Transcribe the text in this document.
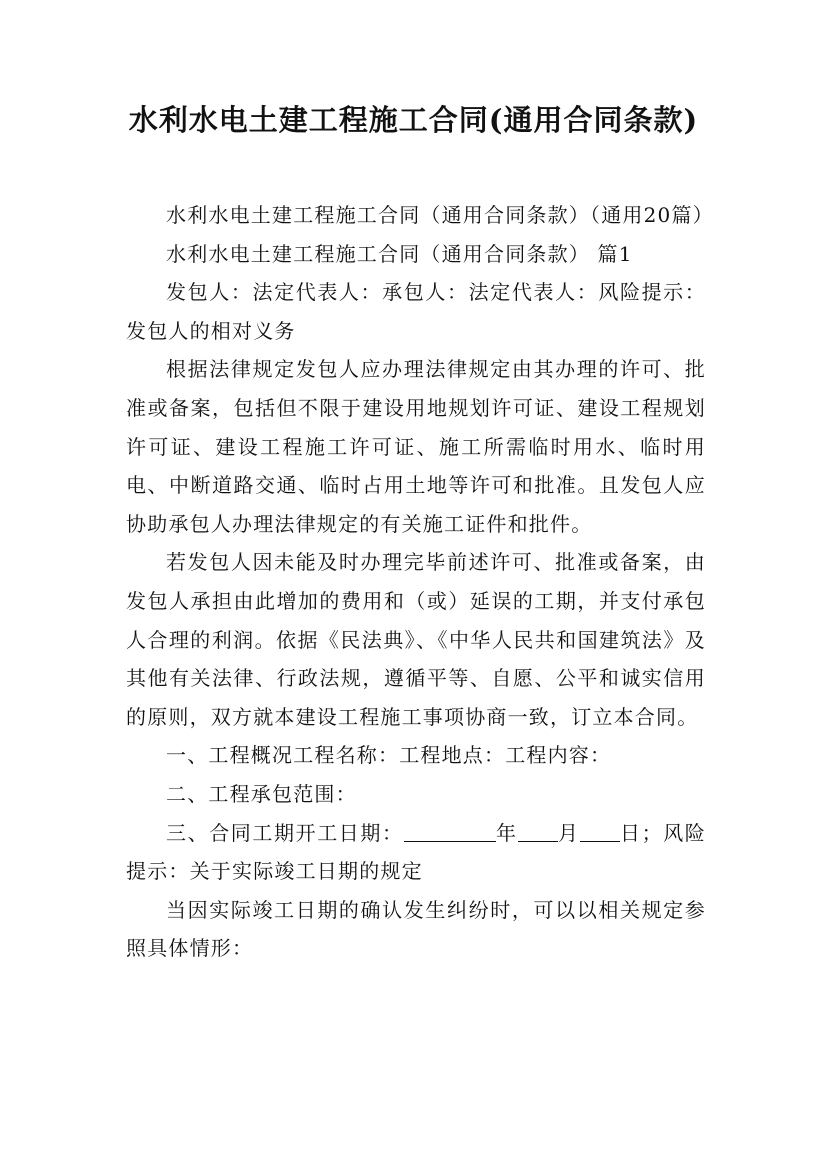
水利水电土建工程施工合同(通用合同条款)

水利水电土建工程施工合同（通用合同条款）（通用20篇）

水利水电土建工程施工合同（通用合同条款） 篇1

发包人：法定代表人：承包人：法定代表人：风险提示：发包人的相对义务

根据法律规定发包人应办理法律规定由其办理的许可、批准或备案，包括但不限于建设用地规划许可证、建设工程规划许可证、建设工程施工许可证、施工所需临时用水、临时用电、中断道路交通、临时占用土地等许可和批准。且发包人应协助承包人办理法律规定的有关施工证件和批件。

若发包人因未能及时办理完毕前述许可、批准或备案，由发包人承担由此增加的费用和（或）延误的工期，并支付承包人合理的利润。依据《民法典》、《中华人民共和国建筑法》及其他有关法律、行政法规，遵循平等、自愿、公平和诚实信用的原则，双方就本建设工程施工事项协商一致，订立本合同。

一、工程概况工程名称：工程地点：工程内容：

二、工程承包范围：

三、合同工期开工日期：	年 月 日；风险提示：关于实际竣工日期的规定

当因实际竣工日期的确认发生纠纷时，可以以相关规定参照具体情形：
